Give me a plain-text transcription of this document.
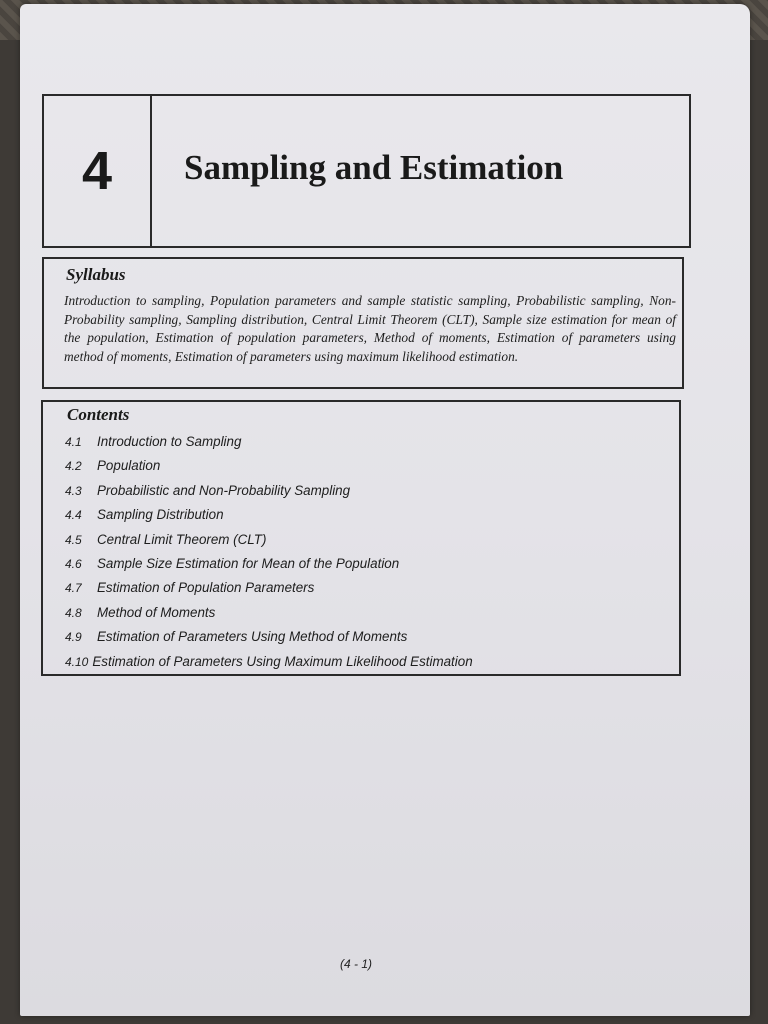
4	Sampling and Estimation
Syllabus
Introduction to sampling, Population parameters and sample statistic sampling, Probabilistic sampling, Non-Probability sampling, Sampling distribution, Central Limit Theorem (CLT), Sample size estimation for mean of the population, Estimation of population parameters, Method of moments, Estimation of parameters using method of moments, Estimation of parameters using maximum likelihood estimation.
Contents
4.1 Introduction to Sampling
4.2 Population
4.3 Probabilistic and Non-Probability Sampling
4.4 Sampling Distribution
4.5 Central Limit Theorem (CLT)
4.6 Sample Size Estimation for Mean of the Population
4.7 Estimation of Population Parameters
4.8 Method of Moments
4.9 Estimation of Parameters Using Method of Moments
4.10 Estimation of Parameters Using Maximum Likelihood Estimation
(4 - 1)
